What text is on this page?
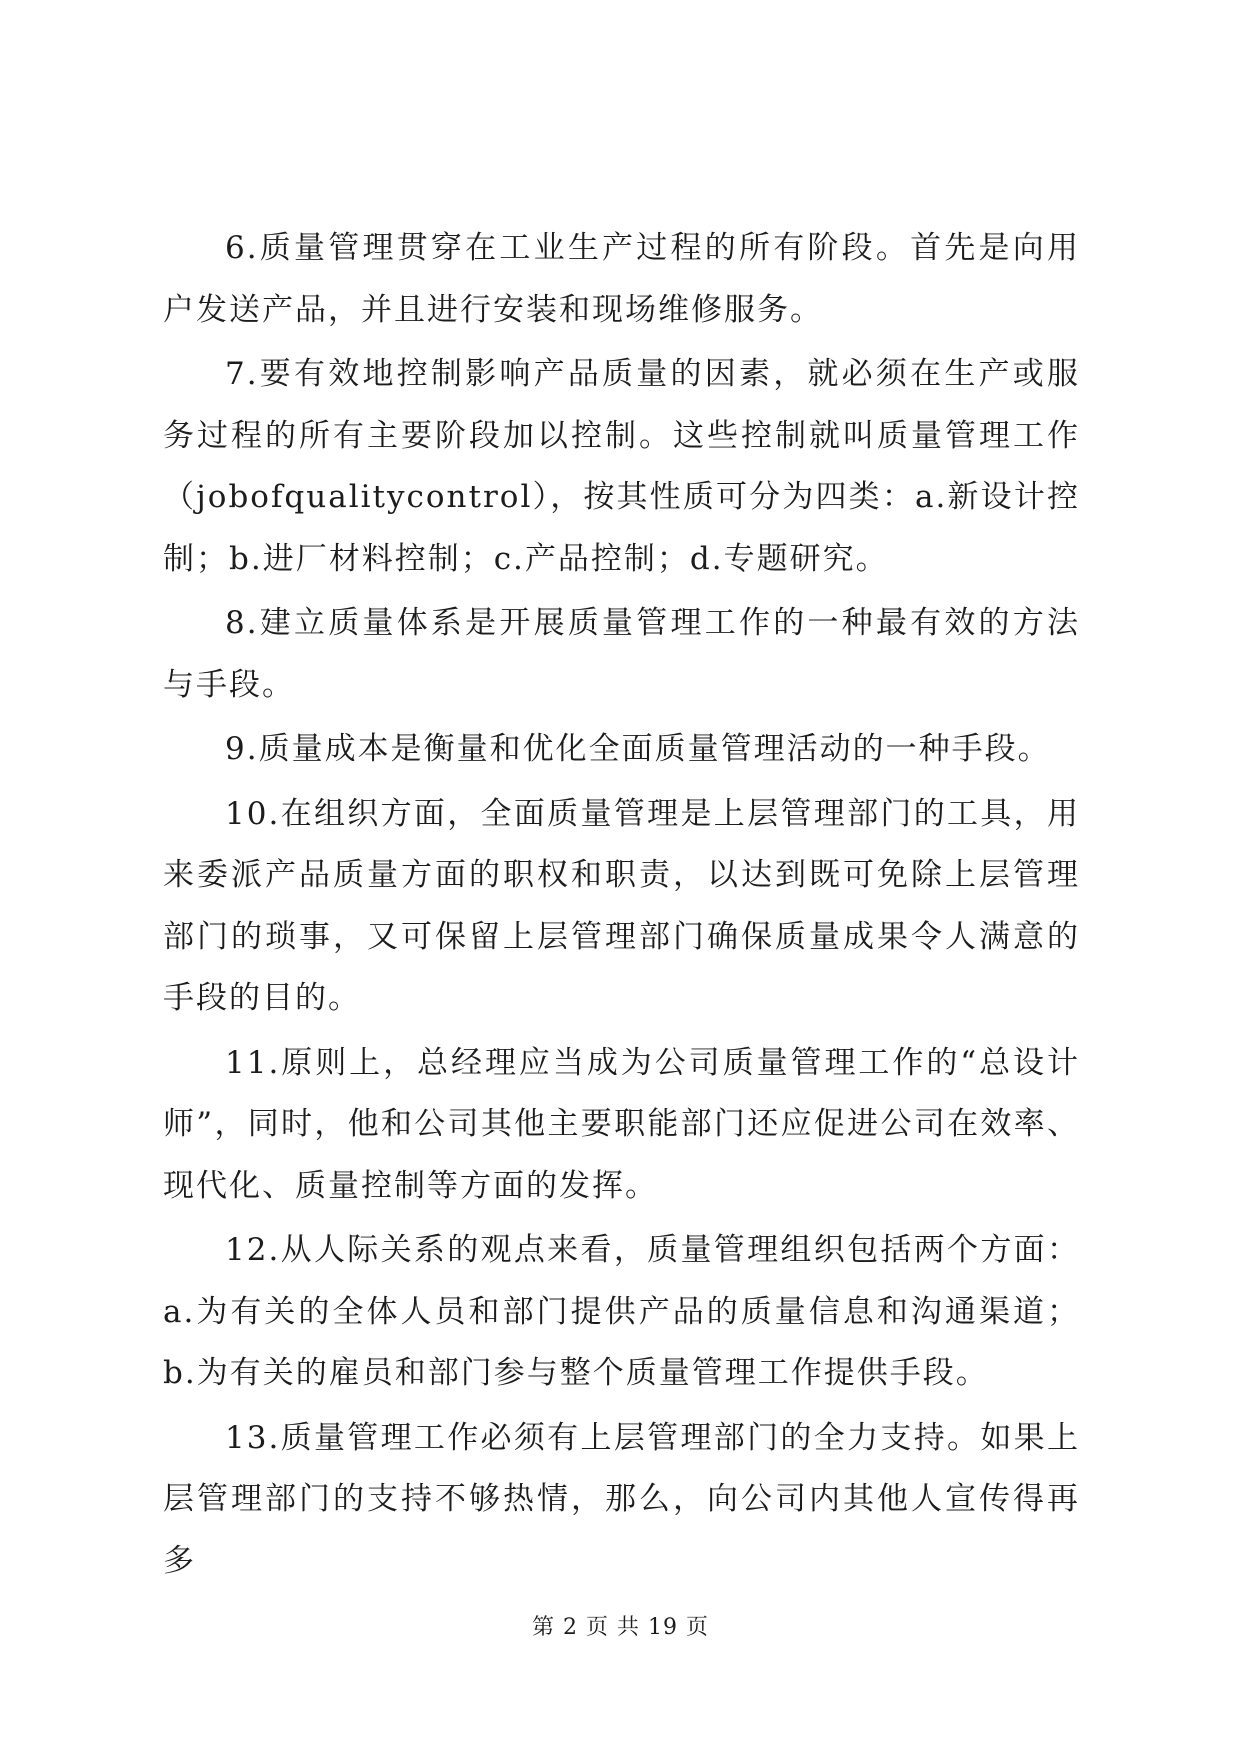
6.质量管理贯穿在工业生产过程的所有阶段。首先是向用户发送产品，并且进行安装和现场维修服务。

7.要有效地控制影响产品质量的因素，就必须在生产或服务过程的所有主要阶段加以控制。这些控制就叫质量管理工作（jobofqualitycontrol），按其性质可分为四类：a.新设计控制；b.进厂材料控制；c.产品控制；d.专题研究。

8.建立质量体系是开展质量管理工作的一种最有效的方法与手段。

9.质量成本是衡量和优化全面质量管理活动的一种手段。

10.在组织方面，全面质量管理是上层管理部门的工具，用来委派产品质量方面的职权和职责，以达到既可免除上层管理部门的琐事，又可保留上层管理部门确保质量成果令人满意的手段的目的。

11.原则上，总经理应当成为公司质量管理工作的“总设计师”，同时，他和公司其他主要职能部门还应促进公司在效率、现代化、质量控制等方面的发挥。

12.从人际关系的观点来看，质量管理组织包括两个方面：a.为有关的全体人员和部门提供产品的质量信息和沟通渠道；b.为有关的雇员和部门参与整个质量管理工作提供手段。

13.质量管理工作必须有上层管理部门的全力支持。如果上层管理部门的支持不够热情，那么，向公司内其他人宣传得再多

第 2 页 共 19 页
